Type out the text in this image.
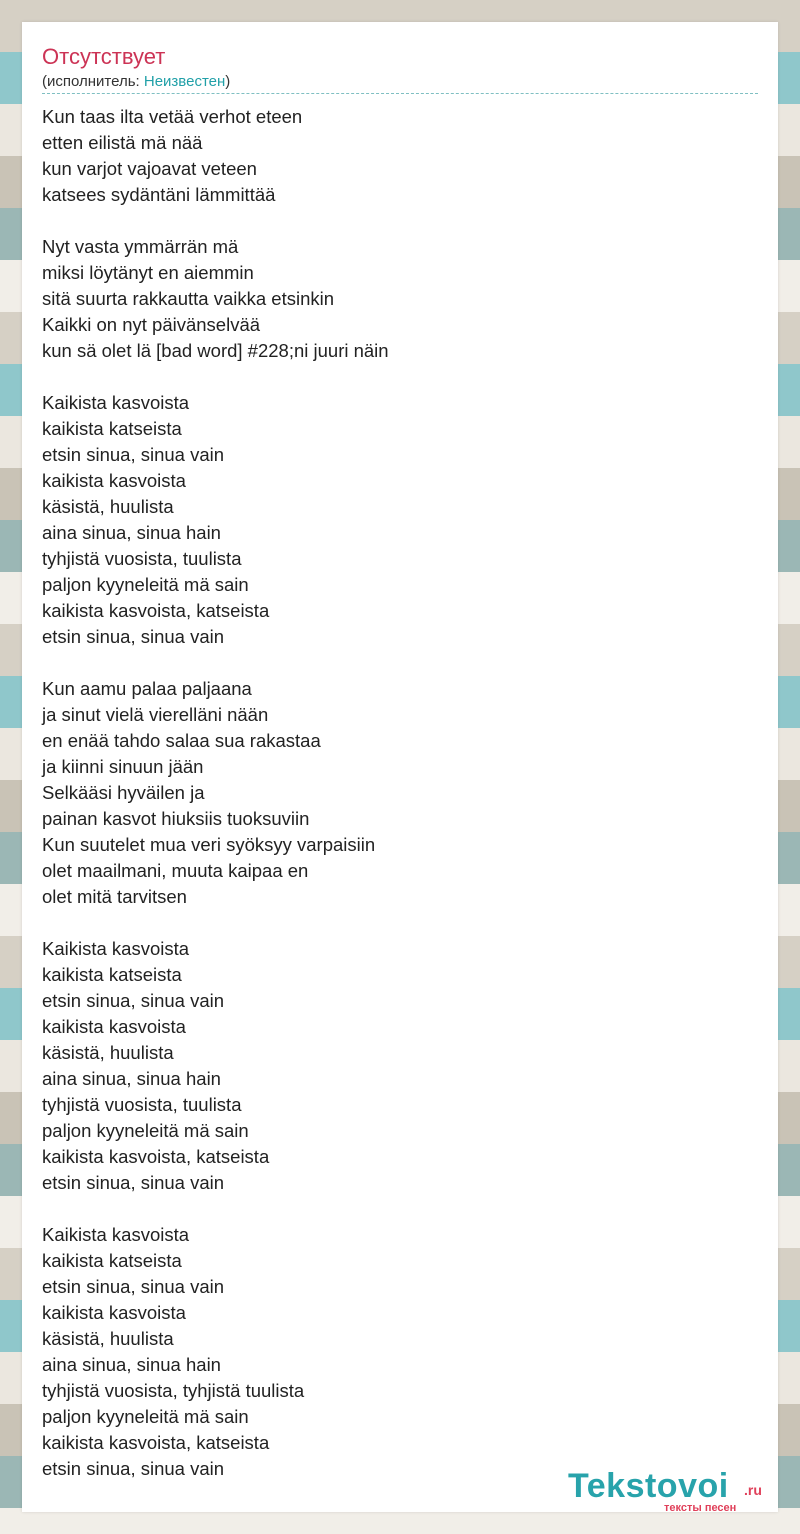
Отсутствует
(исполнитель: Неизвестен)
Kun taas ilta vetää verhot eteen
etten eilistä mä nää
kun varjot vajoavat veteen
katsees sydäntäni lämmittää
Nyt vasta ymmärrän mä
miksi löytänyt en aiemmin
sitä suurta rakkautta vaikka etsinkin
Kaikki on nyt päivänselvää
kun sä olet lä [bad word] #228;ni juuri näin
Kaikista kasvoista
kaikista katseista
etsin sinua, sinua vain
kaikista kasvoista
käsistä, huulista
aina sinua, sinua hain
tyhjistä vuosista, tuulista
paljon kyyneleitä mä sain
kaikista kasvoista, katseista
etsin sinua, sinua vain
Kun aamu palaa paljaana
ja sinut vielä vierelläni nään
en enää tahdo salaa sua rakastaa
ja kiinni sinuun jään
Selkääsi hyväilen ja
painan kasvot hiuksiis tuoksuviin
Kun suutelet mua veri syöksyy varpaisiin
olet maailmani, muuta kaipaa en
olet mitä tarvitsen
Kaikista kasvoista
kaikista katseista
etsin sinua, sinua vain
kaikista kasvoista
käsistä, huulista
aina sinua, sinua hain
tyhjistä vuosista, tuulista
paljon kyyneleitä mä sain
kaikista kasvoista, katseista
etsin sinua, sinua vain
Kaikista kasvoista
kaikista katseista
etsin sinua, sinua vain
kaikista kasvoista
käsistä, huulista
aina sinua, sinua hain
tyhjistä vuosista, tyhjistä tuulista
paljon kyyneleitä mä sain
kaikista kasvoista, katseista
etsin sinua, sinua vain	Tekstovoi .ru
тексты песен
